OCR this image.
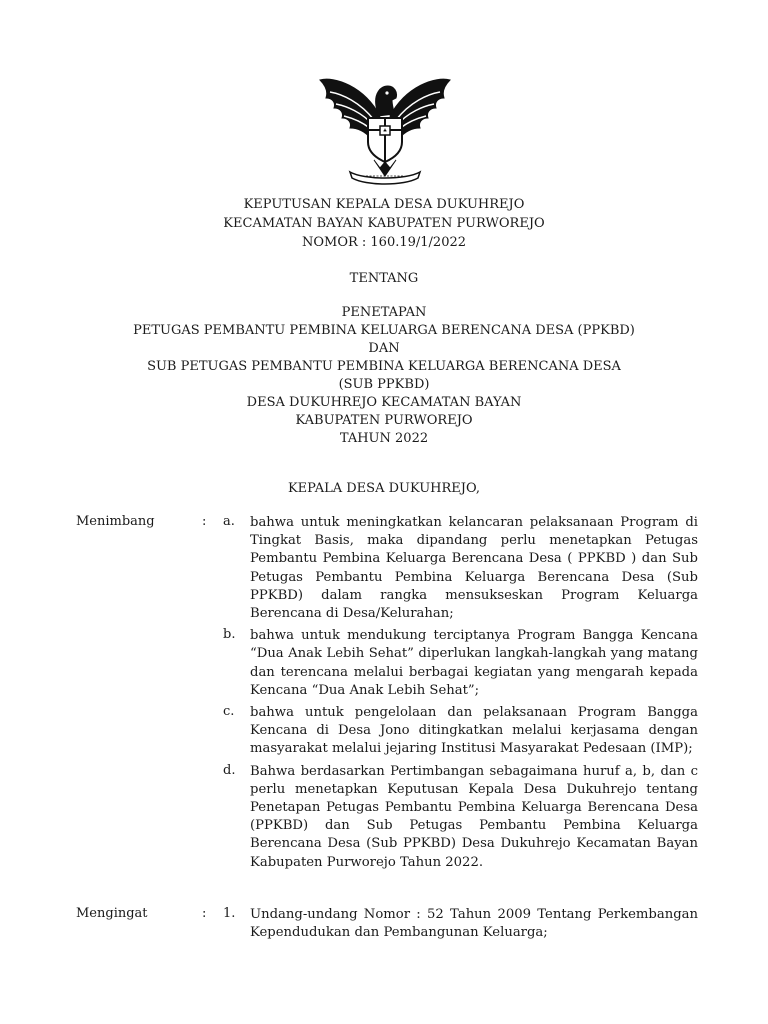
KEPUTUSAN KEPALA DESA DUKUHREJO
KECAMATAN BAYAN KABUPATEN PURWOREJO
NOMOR : 160.19/1/2022
TENTANG
PENETAPAN
PETUGAS PEMBANTU PEMBINA KELUARGA BERENCANA DESA (PPKBD)
DAN
SUB PETUGAS PEMBANTU PEMBINA KELUARGA BERENCANA DESA
(SUB PPKBD)
DESA DUKUHREJO KECAMATAN BAYAN
KABUPATEN PURWOREJO
TAHUN 2022
KEPALA DESA DUKUHREJO,
Menimbang	: a. bahwa untuk meningkatkan kelancaran pelaksanaan Program di Tingkat Basis, maka dipandang perlu menetapkan Petugas Pembantu Pembina Keluarga Berencana Desa ( PPKBD ) dan Sub Petugas Pembantu Pembina Keluarga Berencana Desa (Sub PPKBD) dalam rangka mensukseskan Program Keluarga Berencana di Desa/Kelurahan;
b. bahwa untuk mendukung terciptanya Program Bangga Kencana “Dua Anak Lebih Sehat” diperlukan langkah-langkah yang matang dan terencana melalui berbagai kegiatan yang mengarah kepada Kencana “Dua Anak Lebih Sehat”;
c. bahwa untuk pengelolaan dan pelaksanaan Program Bangga Kencana di Desa Jono ditingkatkan melalui kerjasama dengan masyarakat melalui jejaring Institusi Masyarakat Pedesaan (IMP);
d. Bahwa berdasarkan Pertimbangan sebagaimana huruf a, b, dan c perlu menetapkan Keputusan Kepala Desa Dukuhrejo tentang Penetapan Petugas Pembantu Pembina Keluarga Berencana Desa (PPKBD) dan Sub Petugas Pembantu Pembina Keluarga Berencana Desa (Sub PPKBD) Desa Dukuhrejo Kecamatan Bayan Kabupaten Purworejo Tahun 2022.
Mengingat	: 1. Undang-undang Nomor : 52 Tahun 2009 Tentang Perkembangan Kependudukan dan Pembangunan Keluarga;
